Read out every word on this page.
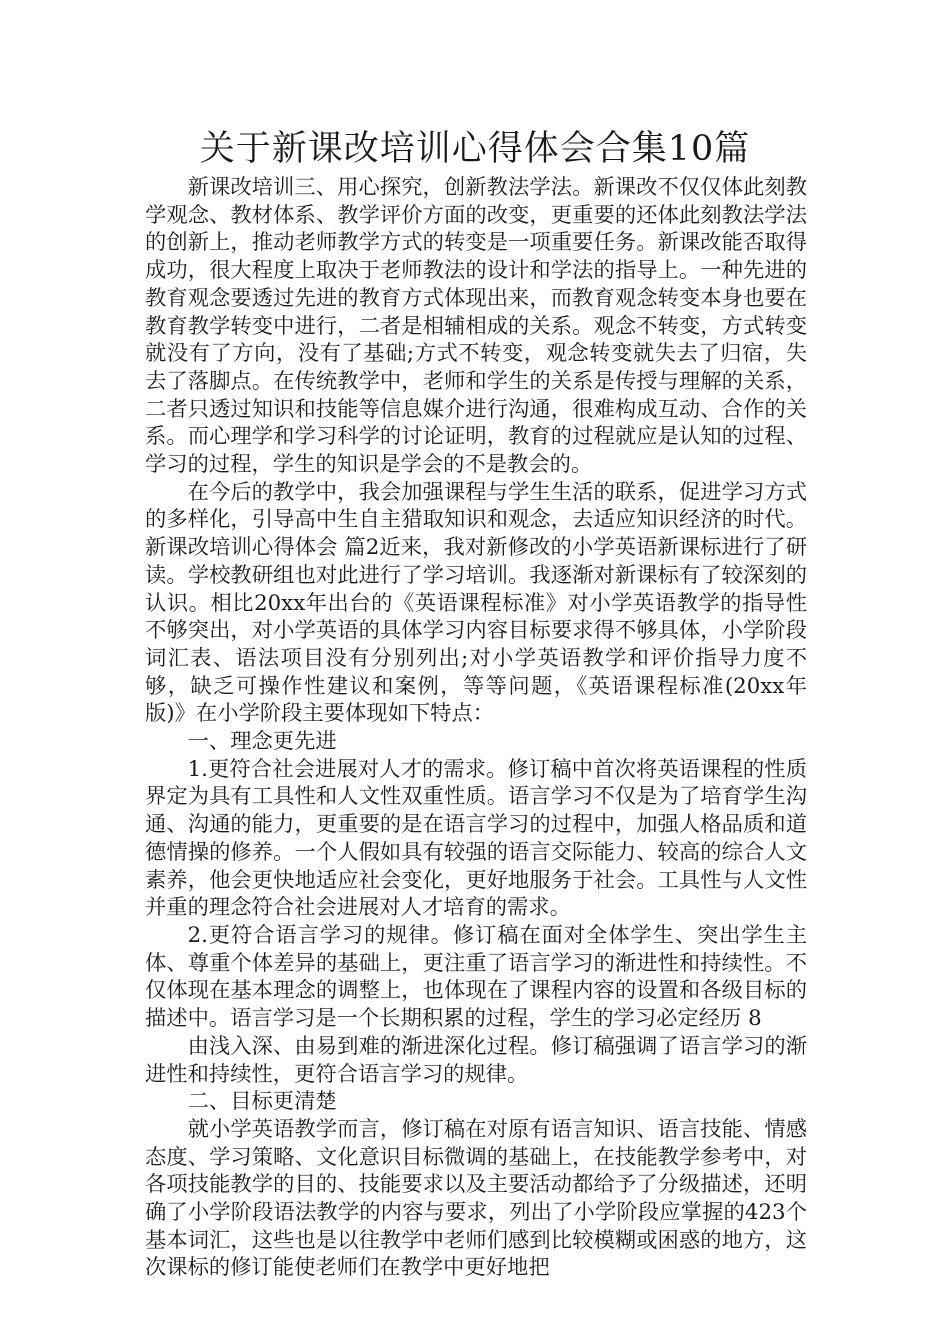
关于新课改培训心得体会合集10篇

新课改培训三、用心探究，创新教法学法。新课改不仅仅体此刻教学观念、教材体系、教学评价方面的改变，更重要的还体此刻教法学法的创新上，推动老师教学方式的转变是一项重要任务。新课改能否取得成功，很大程度上取决于老师教法的设计和学法的指导上。一种先进的教育观念要透过先进的教育方式体现出来，而教育观念转变本身也要在教育教学转变中进行，二者是相辅相成的关系。观念不转变，方式转变就没有了方向，没有了基础;方式不转变，观念转变就失去了归宿，失去了落脚点。在传统教学中，老师和学生的关系是传授与理解的关系，二者只透过知识和技能等信息媒介进行沟通，很难构成互动、合作的关系。而心理学和学习科学的讨论证明，教育的过程就应是认知的过程、学习的过程，学生的知识是学会的不是教会的。

在今后的教学中，我会加强课程与学生生活的联系，促进学习方式的多样化，引导高中生自主猎取知识和观念，去适应知识经济的时代。新课改培训心得体会 篇2近来，我对新修改的小学英语新课标进行了研读。学校教研组也对此进行了学习培训。我逐渐对新课标有了较深刻的认识。相比20xx年出台的《英语课程标准》对小学英语教学的指导性不够突出，对小学英语的具体学习内容目标要求得不够具体，小学阶段词汇表、语法项目没有分别列出;对小学英语教学和评价指导力度不够，缺乏可操作性建议和案例，等等问题，《英语课程标准(20xx年版)》在小学阶段主要体现如下特点：

一、理念更先进

1.更符合社会进展对人才的需求。修订稿中首次将英语课程的性质界定为具有工具性和人文性双重性质。语言学习不仅是为了培育学生沟通、沟通的能力，更重要的是在语言学习的过程中，加强人格品质和道德情操的修养。一个人假如具有较强的语言交际能力、较高的综合人文素养，他会更快地适应社会变化，更好地服务于社会。工具性与人文性并重的理念符合社会进展对人才培育的需求。

2.更符合语言学习的规律。修订稿在面对全体学生、突出学生主体、尊重个体差异的基础上，更注重了语言学习的渐进性和持续性。不仅体现在基本理念的调整上，也体现在了课程内容的设置和各级目标的描述中。语言学习是一个长期积累的过程，学生的学习必定经历 8

由浅入深、由易到难的渐进深化过程。修订稿强调了语言学习的渐进性和持续性，更符合语言学习的规律。

二、目标更清楚

就小学英语教学而言，修订稿在对原有语言知识、语言技能、情感态度、学习策略、文化意识目标微调的基础上，在技能教学参考中，对各项技能教学的目的、技能要求以及主要活动都给予了分级描述，还明确了小学阶段语法教学的内容与要求，列出了小学阶段应掌握的423个基本词汇，这些也是以往教学中老师们感到比较模糊或困惑的地方，这次课标的修订能使老师们在教学中更好地把
